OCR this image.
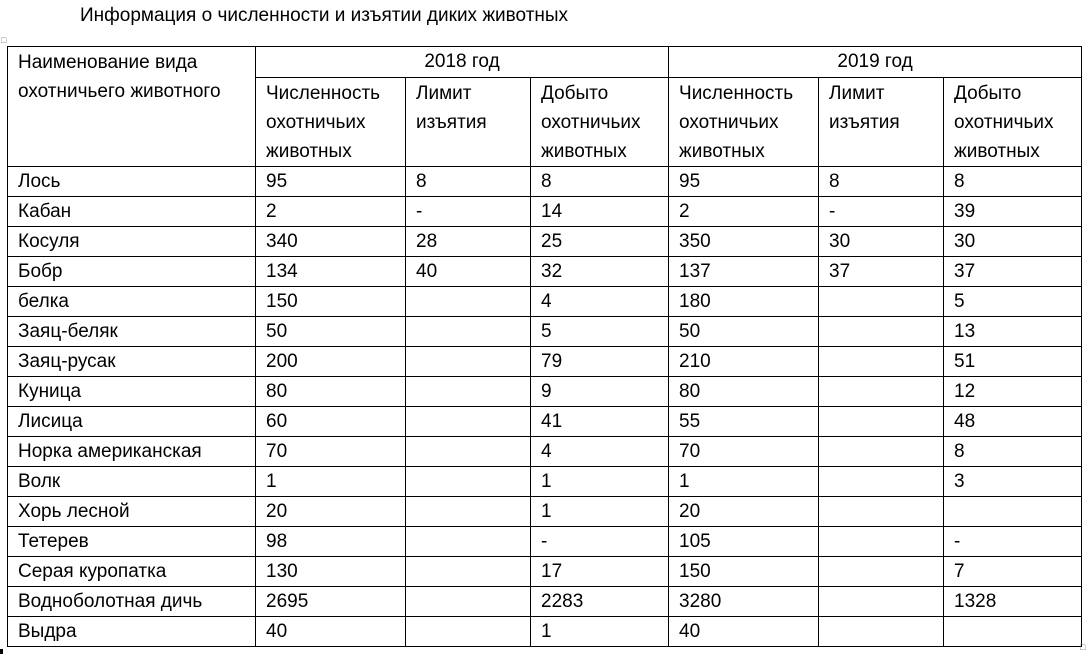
Информация о численности и изъятии диких животных
□
Наименование вида охотничьего животного	2018 год			2019 год		
	Численность охотничьих животных	Лимит изъятия	Добыто охотничьих животных	Численность охотничьих животных	Лимит изъятия	Добыто охотничьих животных
Лось	95	8	8	95	8	8
Кабан	2	-	14	2	-	39
Косуля	340	28	25	350	30	30
Бобр	134	40	32	137	37	37
белка	150		4	180		5
Заяц-беляк	50		5	50		13
Заяц-русак	200		79	210		51
Куница	80		9	80		12
Лисица	60		41	55		48
Норка американская	70		4	70		8
Волк	1		1	1		3
Хорь лесной	20		1	20		
Тетерев	98		-	105		-
Серая куропатка	130		17	150		7
Водноболотная дичь	2695		2283	3280		1328
Выдра	40		1	40		
□
